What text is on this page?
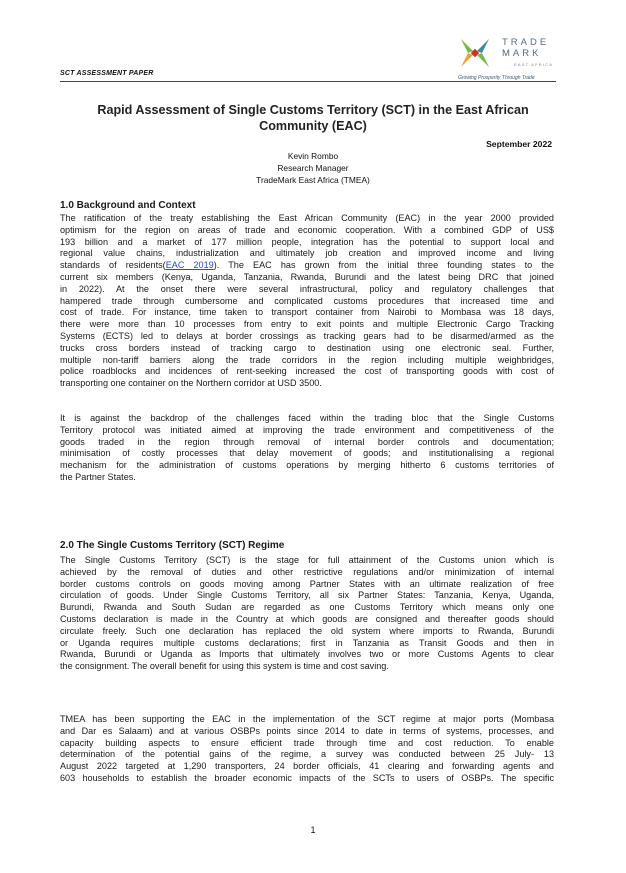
SCT ASSESSMENT PAPER
TRADE
MARK
EAST AFRICA
Growing Prosperity Through Trade
Rapid Assessment of Single Customs Territory (SCT) in the East African
Community (EAC)
September 2022
Kevin Rombo
Research Manager
TradeMark East Africa (TMEA)
1.0 Background and Context
The ratification of the treaty establishing the East African Community (EAC) in the year 2000 provided
optimism for the region on areas of trade and economic cooperation. With a combined GDP of US$
193 billion and a market of 177 million people, integration has the potential to support local and
regional value chains, industrialization and ultimately job creation and improved income and living
standards of residents(EAC 2019). The EAC has grown from the initial three founding states to the
current six members (Kenya, Uganda, Tanzania, Rwanda, Burundi and the latest being DRC that joined
in 2022). At the onset there were several infrastructural, policy and regulatory challenges that
hampered trade through cumbersome and complicated customs procedures that increased time and
cost of trade. For instance, time taken to transport container from Nairobi to Mombasa was 18 days,
there were more than 10 processes from entry to exit points and multiple Electronic Cargo Tracking
Systems (ECTS) led to delays at border crossings as tracking gears had to be disarmed/armed as the
trucks cross borders instead of tracking cargo to destination using one electronic seal. Further,
multiple non-tariff barriers along the trade corridors in the region including multiple weighbridges,
police roadblocks and incidences of rent-seeking increased the cost of transporting goods with cost of
transporting one container on the Northern corridor at USD 3500.
It is against the backdrop of the challenges faced within the trading bloc that the Single Customs
Territory protocol was initiated aimed at improving the trade environment and competitiveness of the
goods traded in the region through removal of internal border controls and documentation;
minimisation of costly processes that delay movement of goods; and institutionalising a regional
mechanism for the administration of customs operations by merging hitherto 6 customs territories of
the Partner States.
2.0 The Single Customs Territory (SCT) Regime
The Single Customs Territory (SCT) is the stage for full attainment of the Customs union which is
achieved by the removal of duties and other restrictive regulations and/or minimization of internal
border customs controls on goods moving among Partner States with an ultimate realization of free
circulation of goods. Under Single Customs Territory, all six Partner States: Tanzania, Kenya, Uganda,
Burundi, Rwanda and South Sudan are regarded as one Customs Territory which means only one
Customs declaration is made in the Country at which goods are consigned and thereafter goods should
circulate freely. Such one declaration has replaced the old system where imports to Rwanda, Burundi
or Uganda requires multiple customs declarations; first in Tanzania as Transit Goods and then in
Rwanda, Burundi or Uganda as Imports that ultimately involves two or more Customs Agents to clear
the consignment. The overall benefit for using this system is time and cost saving.
TMEA has been supporting the EAC in the implementation of the SCT regime at major ports (Mombasa
and Dar es Salaam) and at various OSBPs points since 2014 to date in terms of systems, processes, and
capacity building aspects to ensure efficient trade through time and cost reduction. To enable
determination of the potential gains of the regime, a survey was conducted between 25 July- 13
August 2022 targeted at 1,290 transporters, 24 border officials, 41 clearing and forwarding agents and
603 households to establish the broader economic impacts of the SCTs to users of OSBPs. The specific
1
